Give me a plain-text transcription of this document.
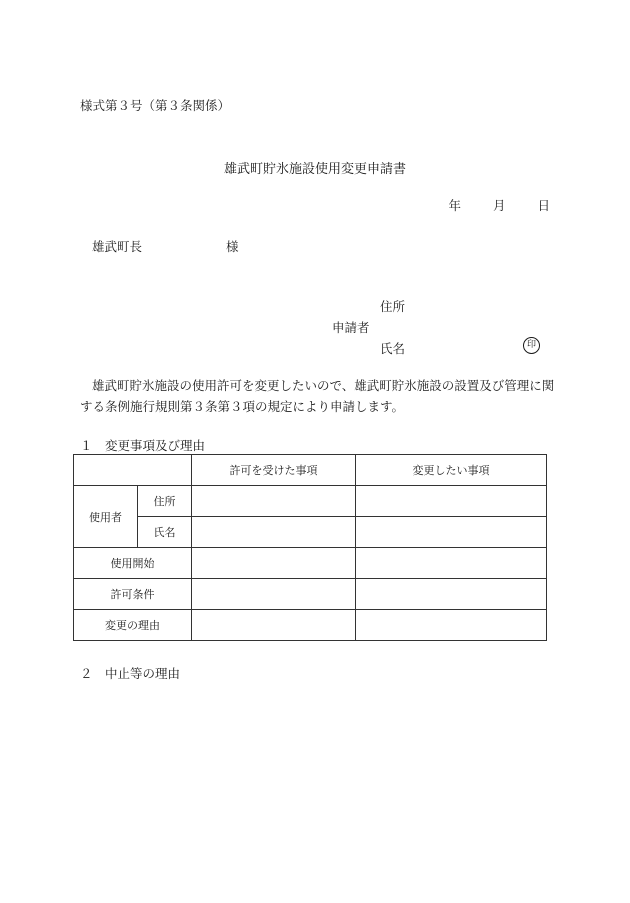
様式第３号（第３条関係）
雄武町貯氷施設使用変更申請書
年	月	日
雄武町長	様
住所
申請者
氏名	印
雄武町貯氷施設の使用許可を変更したいので、雄武町貯氷施設の設置及び管理に関する条例施行規則第３条第３項の規定により申請します。
１　変更事項及び理由
		許可を受けた事項	変更したい事項
使用者	住所		
	氏名		
使用開始			
許可条件			
変更の理由			
２　中止等の理由
